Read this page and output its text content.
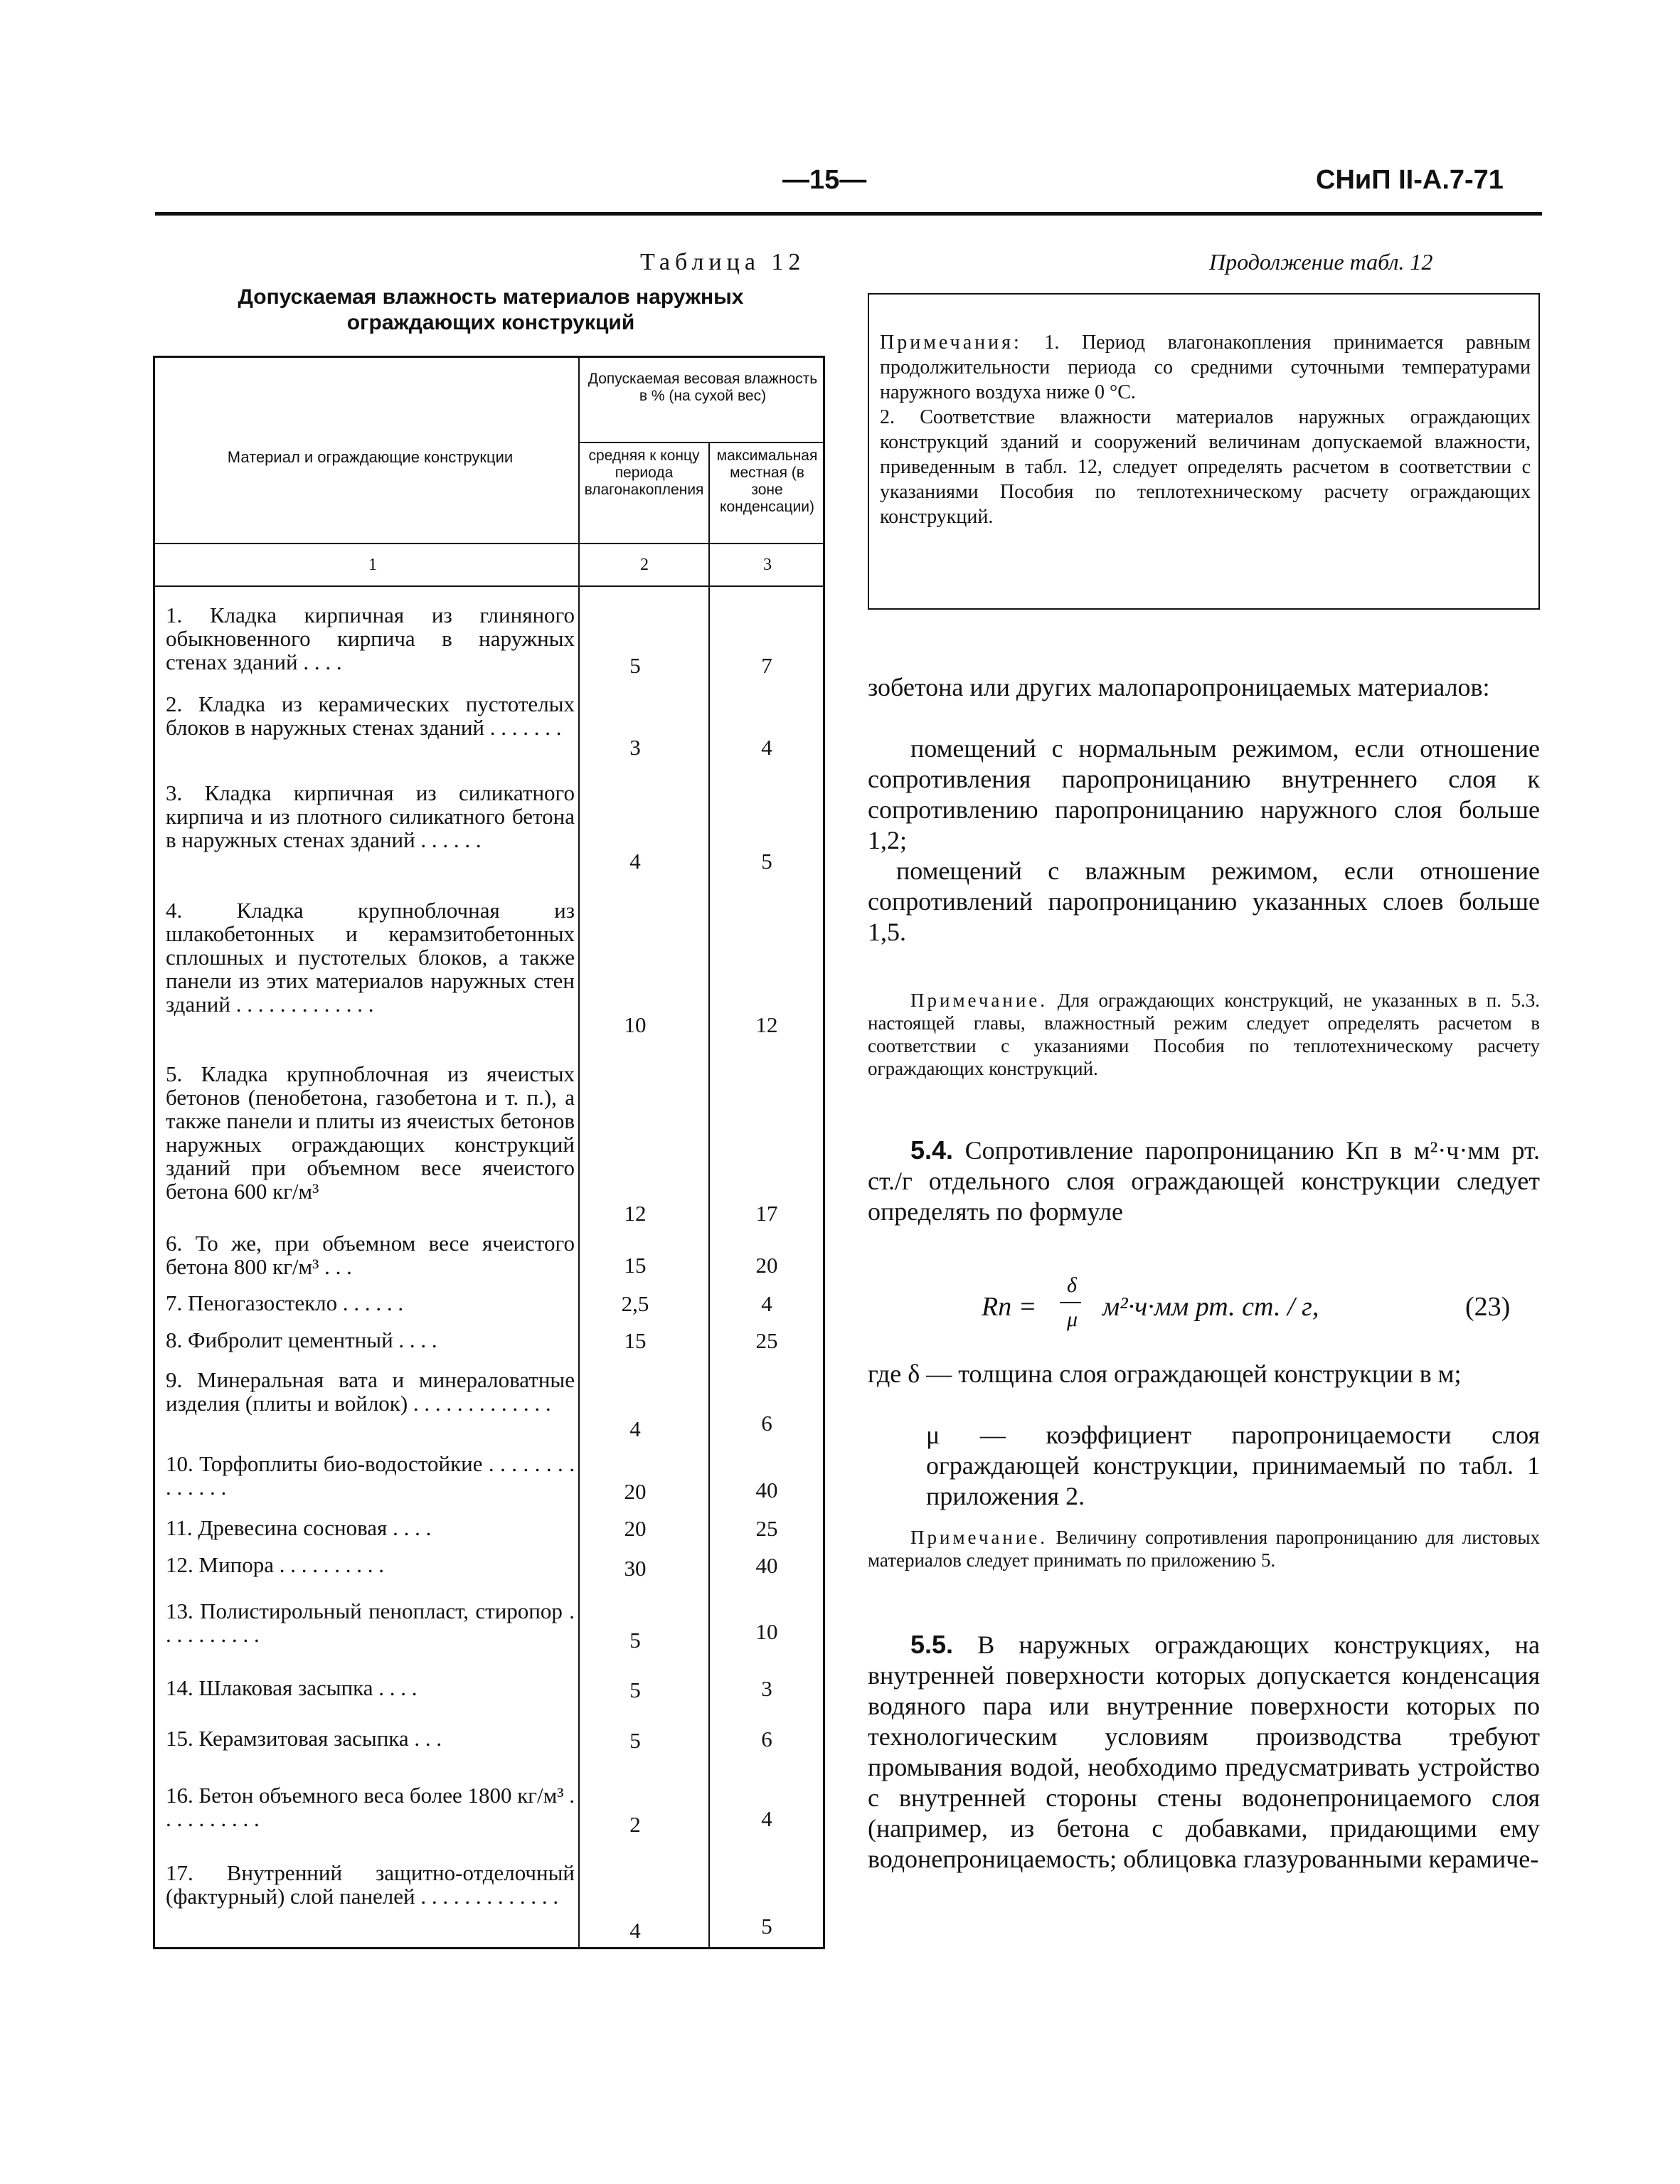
—15—	СНиП II-А.7-71
Таблица 12
Допускаемая влажность материалов наружных
ограждающих конструкций
Материал и ограждающие конструкции
Допускаемая весовая влажность в % (на сухой вес)
средняя к концу периода влагонакопления
максимальная местная (в зоне конденсации)
1	2	3
1. Кладка кирпичная из глиняного обыкновенного кирпича в наружных стенах зданий . . . .	5	7
2. Кладка из керамических пустотелых блоков в наружных стенах зданий . . . . . . .
3	4
3. Кладка кирпичная из силикатного кирпича и из плотного силикатного бетона в наружных стенах зданий . . . . . .
4	5
4. Кладка крупноблочная из шлакобетонных и керамзитобетонных сплошных и пустотелых блоков, а также панели из этих материалов наружных стен зданий . . . . . . . . . . . . .
10	12
5. Кладка крупноблочная из ячеистых бетонов (пенобетона, газобетона и т. п.), а также панели и плиты из ячеистых бетонов наружных ограждающих конструкций зданий при объемном весе ячеистого бетона 600 кг/м³
12	17
6. То же, при объемном весе ячеистого бетона 800 кг/м³ . . .	15	20
7. Пеногазостекло . . . . . .	2,5	4
8. Фибролит цементный . . . .	15	25
9. Минеральная вата и минераловатные изделия (плиты и войлок) . . . . . . . . . . . . .
4	6
10. Торфоплиты био-водостойкие . . . . . . . . . . . . . .	20	40
11. Древесина сосновая . . . .	20	25
12. Мипора . . . . . . . . . .	30	40
13. Полистирольный пенопласт, стиропор . . . . . . . . . .	5	10
14. Шлаковая засыпка . . . .	5	3
15. Керамзитовая засыпка . . .	5	6
16. Бетон объемного веса более 1800 кг/м³ . . . . . . . . . .	2	4
17. Внутренний защитно-отделочный (фактурный) слой панелей . . . . . . . . . . . . .
4	5
Продолжение табл. 12
Примечания: 1. Период влагонакопления принимается равным продолжительности периода со средними суточными температурами наружного воздуха ниже 0 °С.
2. Соответствие влажности материалов наружных ограждающих конструкций зданий и сооружений величинам допускаемой влажности, приведенным в табл. 12, следует определять расчетом в соответствии с указаниями Пособия по теплотехническому расчету ограждающих конструкций.
зобетона или других малопаропроницаемых материалов:
помещений с нормальным режимом, если отношение сопротивления паропроницанию внутреннего слоя к сопротивлению паропроницанию наружного слоя больше 1,2;
помещений с влажным режимом, если отношение сопротивлений паропроницанию указанных слоев больше 1,5.
Примечание. Для ограждающих конструкций, не указанных в п. 5.3. настоящей главы, влажностный режим следует определять расчетом в соответствии с указаниями Пособия по теплотехническому расчету ограждающих конструкций.
5.4. Сопротивление паропроницанию Kп в м²·ч·мм рт. ст./г отдельного слоя ограждающей конструкции следует определять по формуле
Rп =
δ
μ м²·ч·мм рт. ст. / г,	(23)
где δ — толщина слоя ограждающей конструкции в м;
μ — коэффициент паропроницаемости слоя ограждающей конструкции, принимаемый по табл. 1 приложения 2.
Примечание. Величину сопротивления паропроницанию для листовых материалов следует принимать по приложению 5.
5.5. В наружных ограждающих конструкциях, на внутренней поверхности которых допускается конденсация водяного пара или внутренние поверхности которых по технологическим условиям производства требуют промывания водой, необходимо предусматривать устройство с внутренней стороны стены водонепроницаемого слоя (например, из бетона с добавками, придающими ему водонепроницаемость; облицовка глазурованными керамиче-
